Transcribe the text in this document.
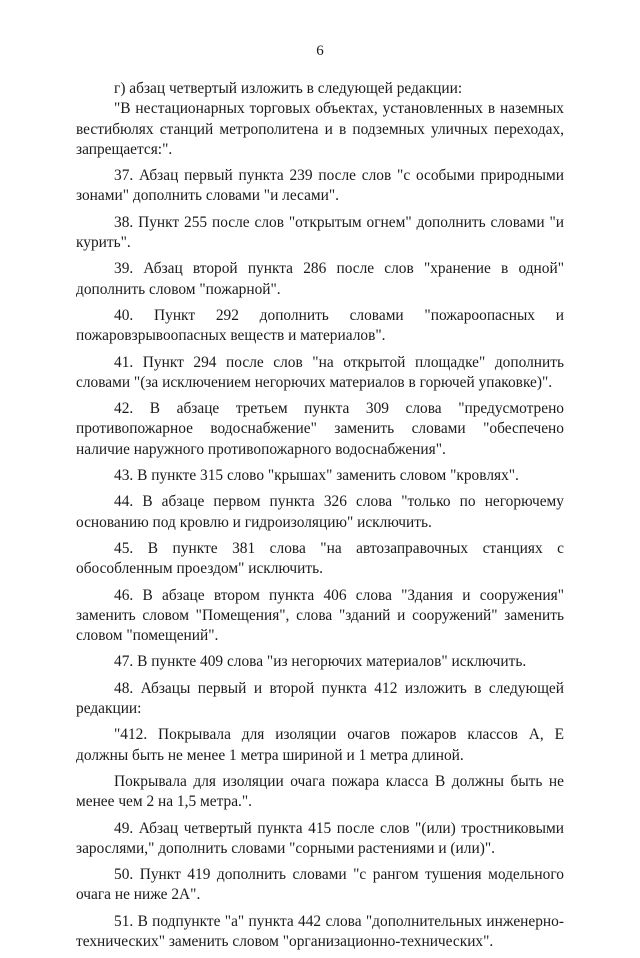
6

г) абзац четвертый изложить в следующей редакции:

"В нестационарных торговых объектах, установленных в наземных вестибюлях станций метрополитена и в подземных уличных переходах, запрещается:".

37. Абзац первый пункта 239 после слов "с особыми природными зонами" дополнить словами "и лесами".

38. Пункт 255 после слов "открытым огнем" дополнить словами "и курить".

39. Абзац второй пункта 286 после слов "хранение в одной" дополнить словом "пожарной".

40. Пункт 292 дополнить словами "пожароопасных и пожаровзрывоопасных веществ и материалов".

41. Пункт 294 после слов "на открытой площадке" дополнить словами "(за исключением негорючих материалов в горючей упаковке)".

42. В абзаце третьем пункта 309 слова "предусмотрено противопожарное водоснабжение" заменить словами "обеспечено наличие наружного противопожарного водоснабжения".

43. В пункте 315 слово "крышах" заменить словом "кровлях".

44. В абзаце первом пункта 326 слова "только по негорючему основанию под кровлю и гидроизоляцию" исключить.

45. В пункте 381 слова "на автозаправочных станциях с обособленным проездом" исключить.

46. В абзаце втором пункта 406 слова "Здания и сооружения" заменить словом "Помещения", слова "зданий и сооружений" заменить словом "помещений".

47. В пункте 409 слова "из негорючих материалов" исключить.

48. Абзацы первый и второй пункта 412 изложить в следующей редакции:

"412. Покрывала для изоляции очагов пожаров классов А, Е должны быть не менее 1 метра шириной и 1 метра длиной.

Покрывала для изоляции очага пожара класса В должны быть не менее чем 2 на 1,5 метра.".

49. Абзац четвертый пункта 415 после слов "(или) тростниковыми зарослями," дополнить словами "сорными растениями и (или)".

50. Пункт 419 дополнить словами "с рангом тушения модельного очага не ниже 2А".

51. В подпункте "а" пункта 442 слова "дополнительных инженерно-технических" заменить словом "организационно-технических".
